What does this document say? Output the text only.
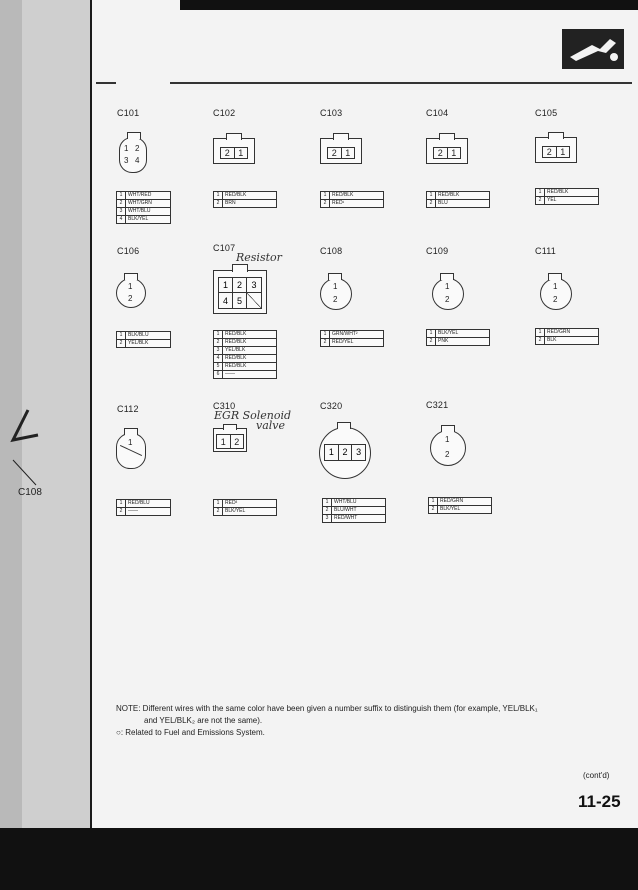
C108
C101
1 2
3 4
1	WHT/RED
2	WHT/GRN
3	WHT/BLU
4	BLK/YEL
C102
2 1
1	RED/BLK
2	BRN
C103
2 1
1	RED/BLK
2	RED¹
C104
2 1
1	RED/BLK
2	BLU
C105
2 1
1	RED/BLK
2	YEL
C106
1
2
1	BLK/BLU
2	YEL/BLK
C107
Resistor
1 2	3
4 5
1	RED/BLK
2	RED/BLK
3	YEL/BLK
4	RED/BLK
5	RED/BLK
6	——
C108
1
2
1	GRN/WHT²
2	RED/YEL
C109
1
2
1	BLK/YEL
2	PNK
C111
1
2
1	RED/GRN
2	BLK
C112
1
1	RED/BLU
2	——
C310
EGR Solenoid
valve
1 2
1	RED³
2	BLK/YEL
C320
1 2 3
1	WHT/BLU
2	BLU/WHT
3	RED/WHT
C321
1
2
1	RED/GRN
2	BLK/YEL
NOTE: Different wires with the same color have been given a number suffix to distinguish them (for example, YEL/BLK₁
and YEL/BLK₂ are not the same).
○: Related to Fuel and Emissions System.
(cont'd)
11-25
